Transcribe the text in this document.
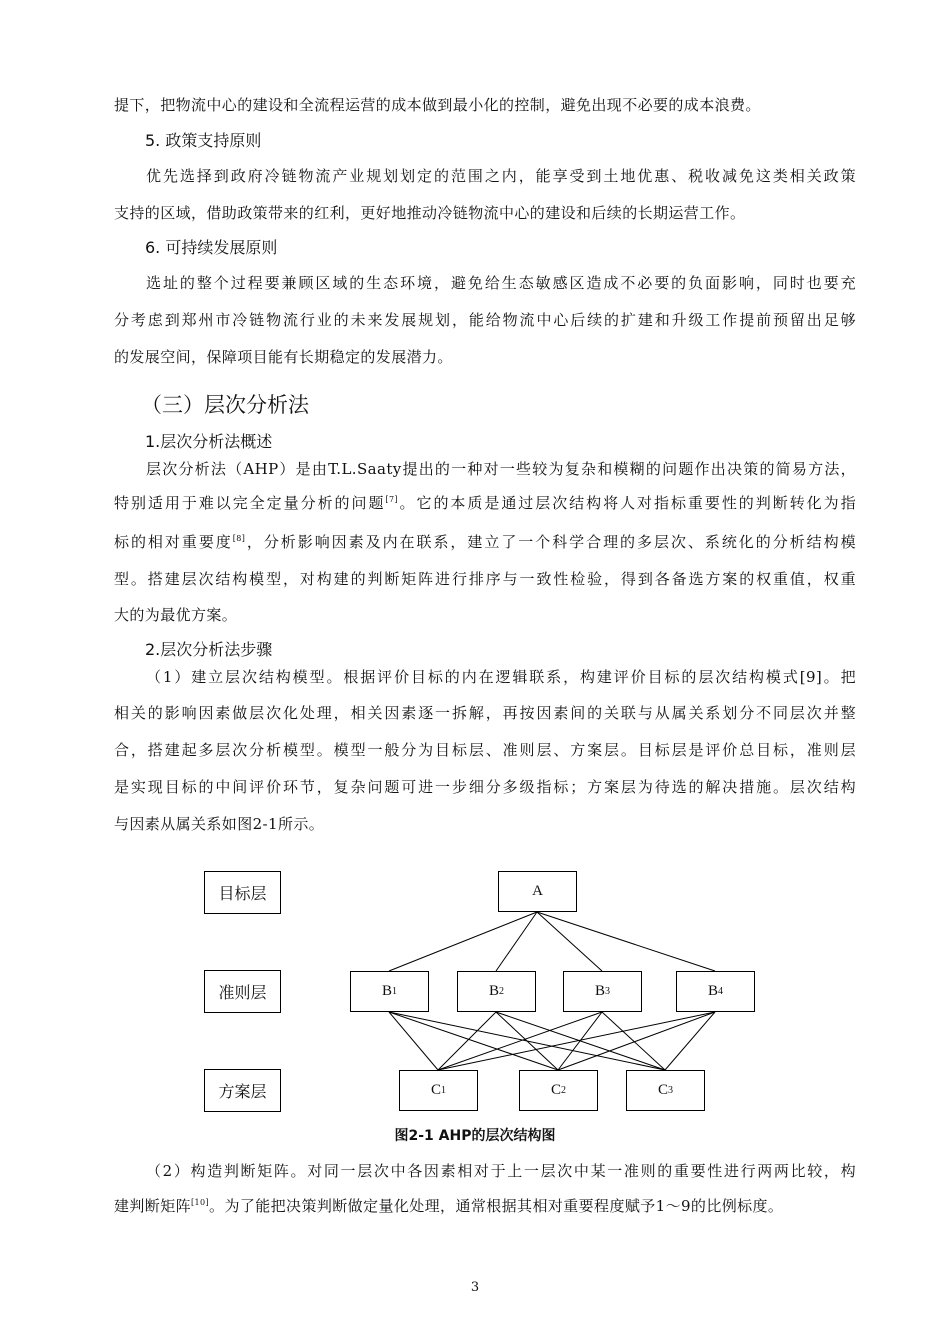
提下，把物流中心的建设和全流程运营的成本做到最小化的控制，避免出现不必要的成本浪费。
5. 政策支持原则
优先选择到政府冷链物流产业规划划定的范围之内，能享受到土地优惠、税收减免这类相关政策
支持的区域，借助政策带来的红利，更好地推动冷链物流中心的建设和后续的长期运营工作。
6. 可持续发展原则
选址的整个过程要兼顾区域的生态环境，避免给生态敏感区造成不必要的负面影响，同时也要充
分考虑到郑州市冷链物流行业的未来发展规划，能给物流中心后续的扩建和升级工作提前预留出足够
的发展空间，保障项目能有长期稳定的发展潜力。
（三）层次分析法
1.层次分析法概述
层次分析法（AHP）是由T.L.Saaty提出的一种对一些较为复杂和模糊的问题作出决策的简易方法，
特别适用于难以完全定量分析的问题[7]。它的本质是通过层次结构将人对指标重要性的判断转化为指
标的相对重要度[8]，分析影响因素及内在联系，建立了一个科学合理的多层次、系统化的分析结构模
型。搭建层次结构模型，对构建的判断矩阵进行排序与一致性检验，得到各备选方案的权重值，权重
大的为最优方案。
2.层次分析法步骤
（1）建立层次结构模型。根据评价目标的内在逻辑联系，构建评价目标的层次结构模式[9]。把
相关的影响因素做层次化处理，相关因素逐一拆解，再按因素间的关联与从属关系划分不同层次并整
合，搭建起多层次分析模型。模型一般分为目标层、准则层、方案层。目标层是评价总目标，准则层
是实现目标的中间评价环节，复杂问题可进一步细分多级指标；方案层为待选的解决措施。层次结构
与因素从属关系如图2-1所示。
目标层
准则层
方案层
A
B 1	B 2	B 3	B 4
C 1	C 2	C 3
图2-1 AHP的层次结构图
（2）构造判断矩阵。对同一层次中各因素相对于上一层次中某一准则的重要性进行两两比较，构
建判断矩阵[10]。为了能把决策判断做定量化处理，通常根据其相对重要程度赋予1～9的比例标度。
3
